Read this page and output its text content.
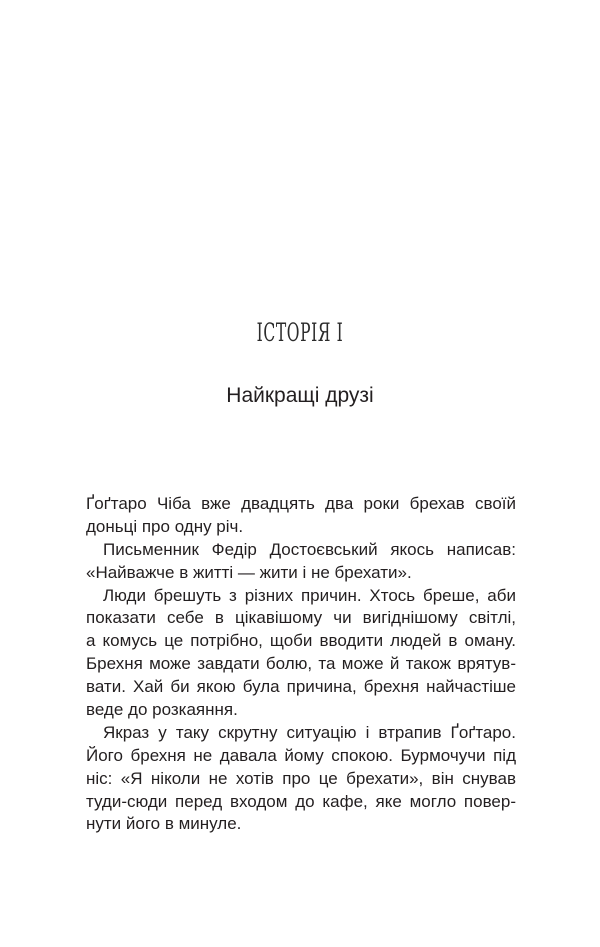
ІСТОРІЯ І
Найкращі друзі
Ґоґтаро Чіба вже двадцять два роки брехав своїй
доньці про одну річ.
Письменник Федір Достоєвський якось написав:
«Найважче в житті — жити і не брехати».
Люди брешуть з різних причин. Хтось бреше, аби
показати себе в цікавішому чи вигіднішому світлі,
а комусь це потрібно, щоби вводити людей в оману.
Брехня може завдати болю, та може й також врятув-
вати. Хай би якою була причина, брехня найчастіше
веде до розкаяння.
Якраз у таку скрутну ситуацію і втрапив Ґоґтаро.
Його брехня не давала йому спокою. Бурмочучи під
ніс: «Я ніколи не хотів про це брехати», він снував
туди-сюди перед входом до кафе, яке могло повер-
нути його в минуле.
